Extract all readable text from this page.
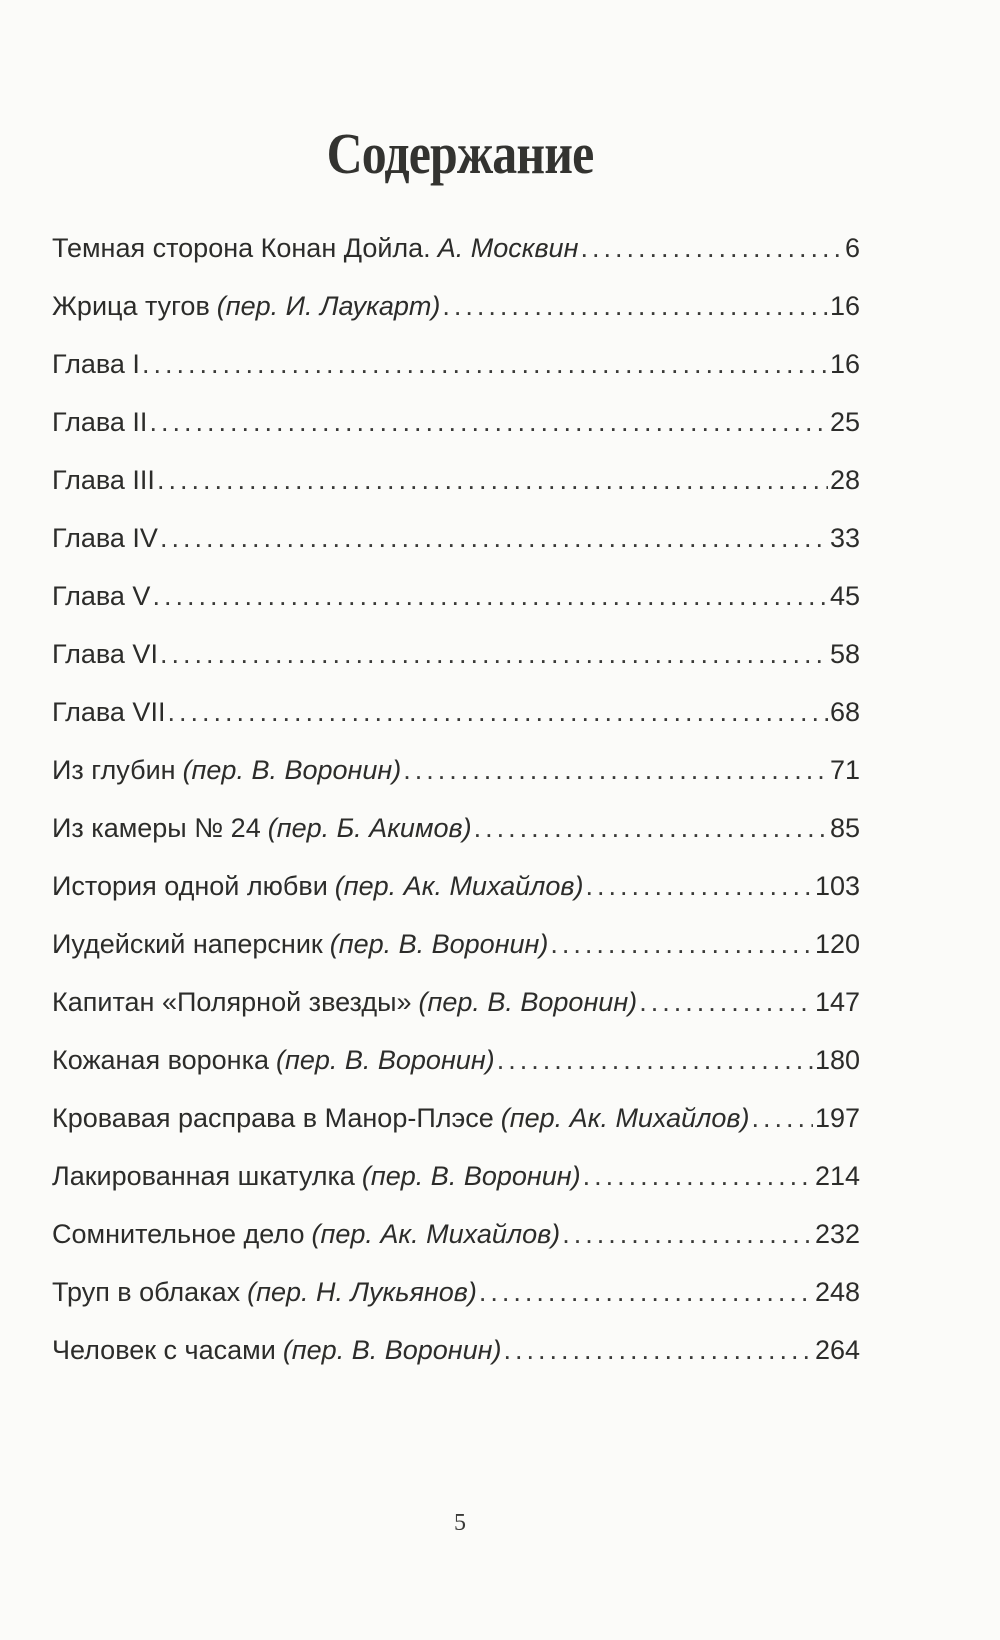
Содержание
Темная сторона Конан Дойла. А. Москвин .....	6
Жрица тугов (пер. И. Лаукарт) .....	16
Глава I .....	16
Глава II .....	25
Глава III .....	28
Глава IV .....	33
Глава V .....	45
Глава VI .....	58
Глава VII .....	68
Из глубин (пер. В. Воронин) .....	71
Из камеры № 24 (пер. Б. Акимов) .....	85
История одной любви (пер. Ак. Михайлов) .....	103
Иудейский наперсник (пер. В. Воронин) .....	120
Капитан «Полярной звезды» (пер. В. Воронин) .....	147
Кожаная воронка (пер. В. Воронин) .....	180
Кровавая расправа в Манор-Плэсе (пер. Ак. Михайлов) ..... 197
Лакированная шкатулка (пер. В. Воронин) .....	214
Сомнительное дело (пер. Ак. Михайлов) .....	232
Труп в облаках (пер. Н. Лукьянов) .....	248
Человек с часами (пер. В. Воронин) .....	264
5
